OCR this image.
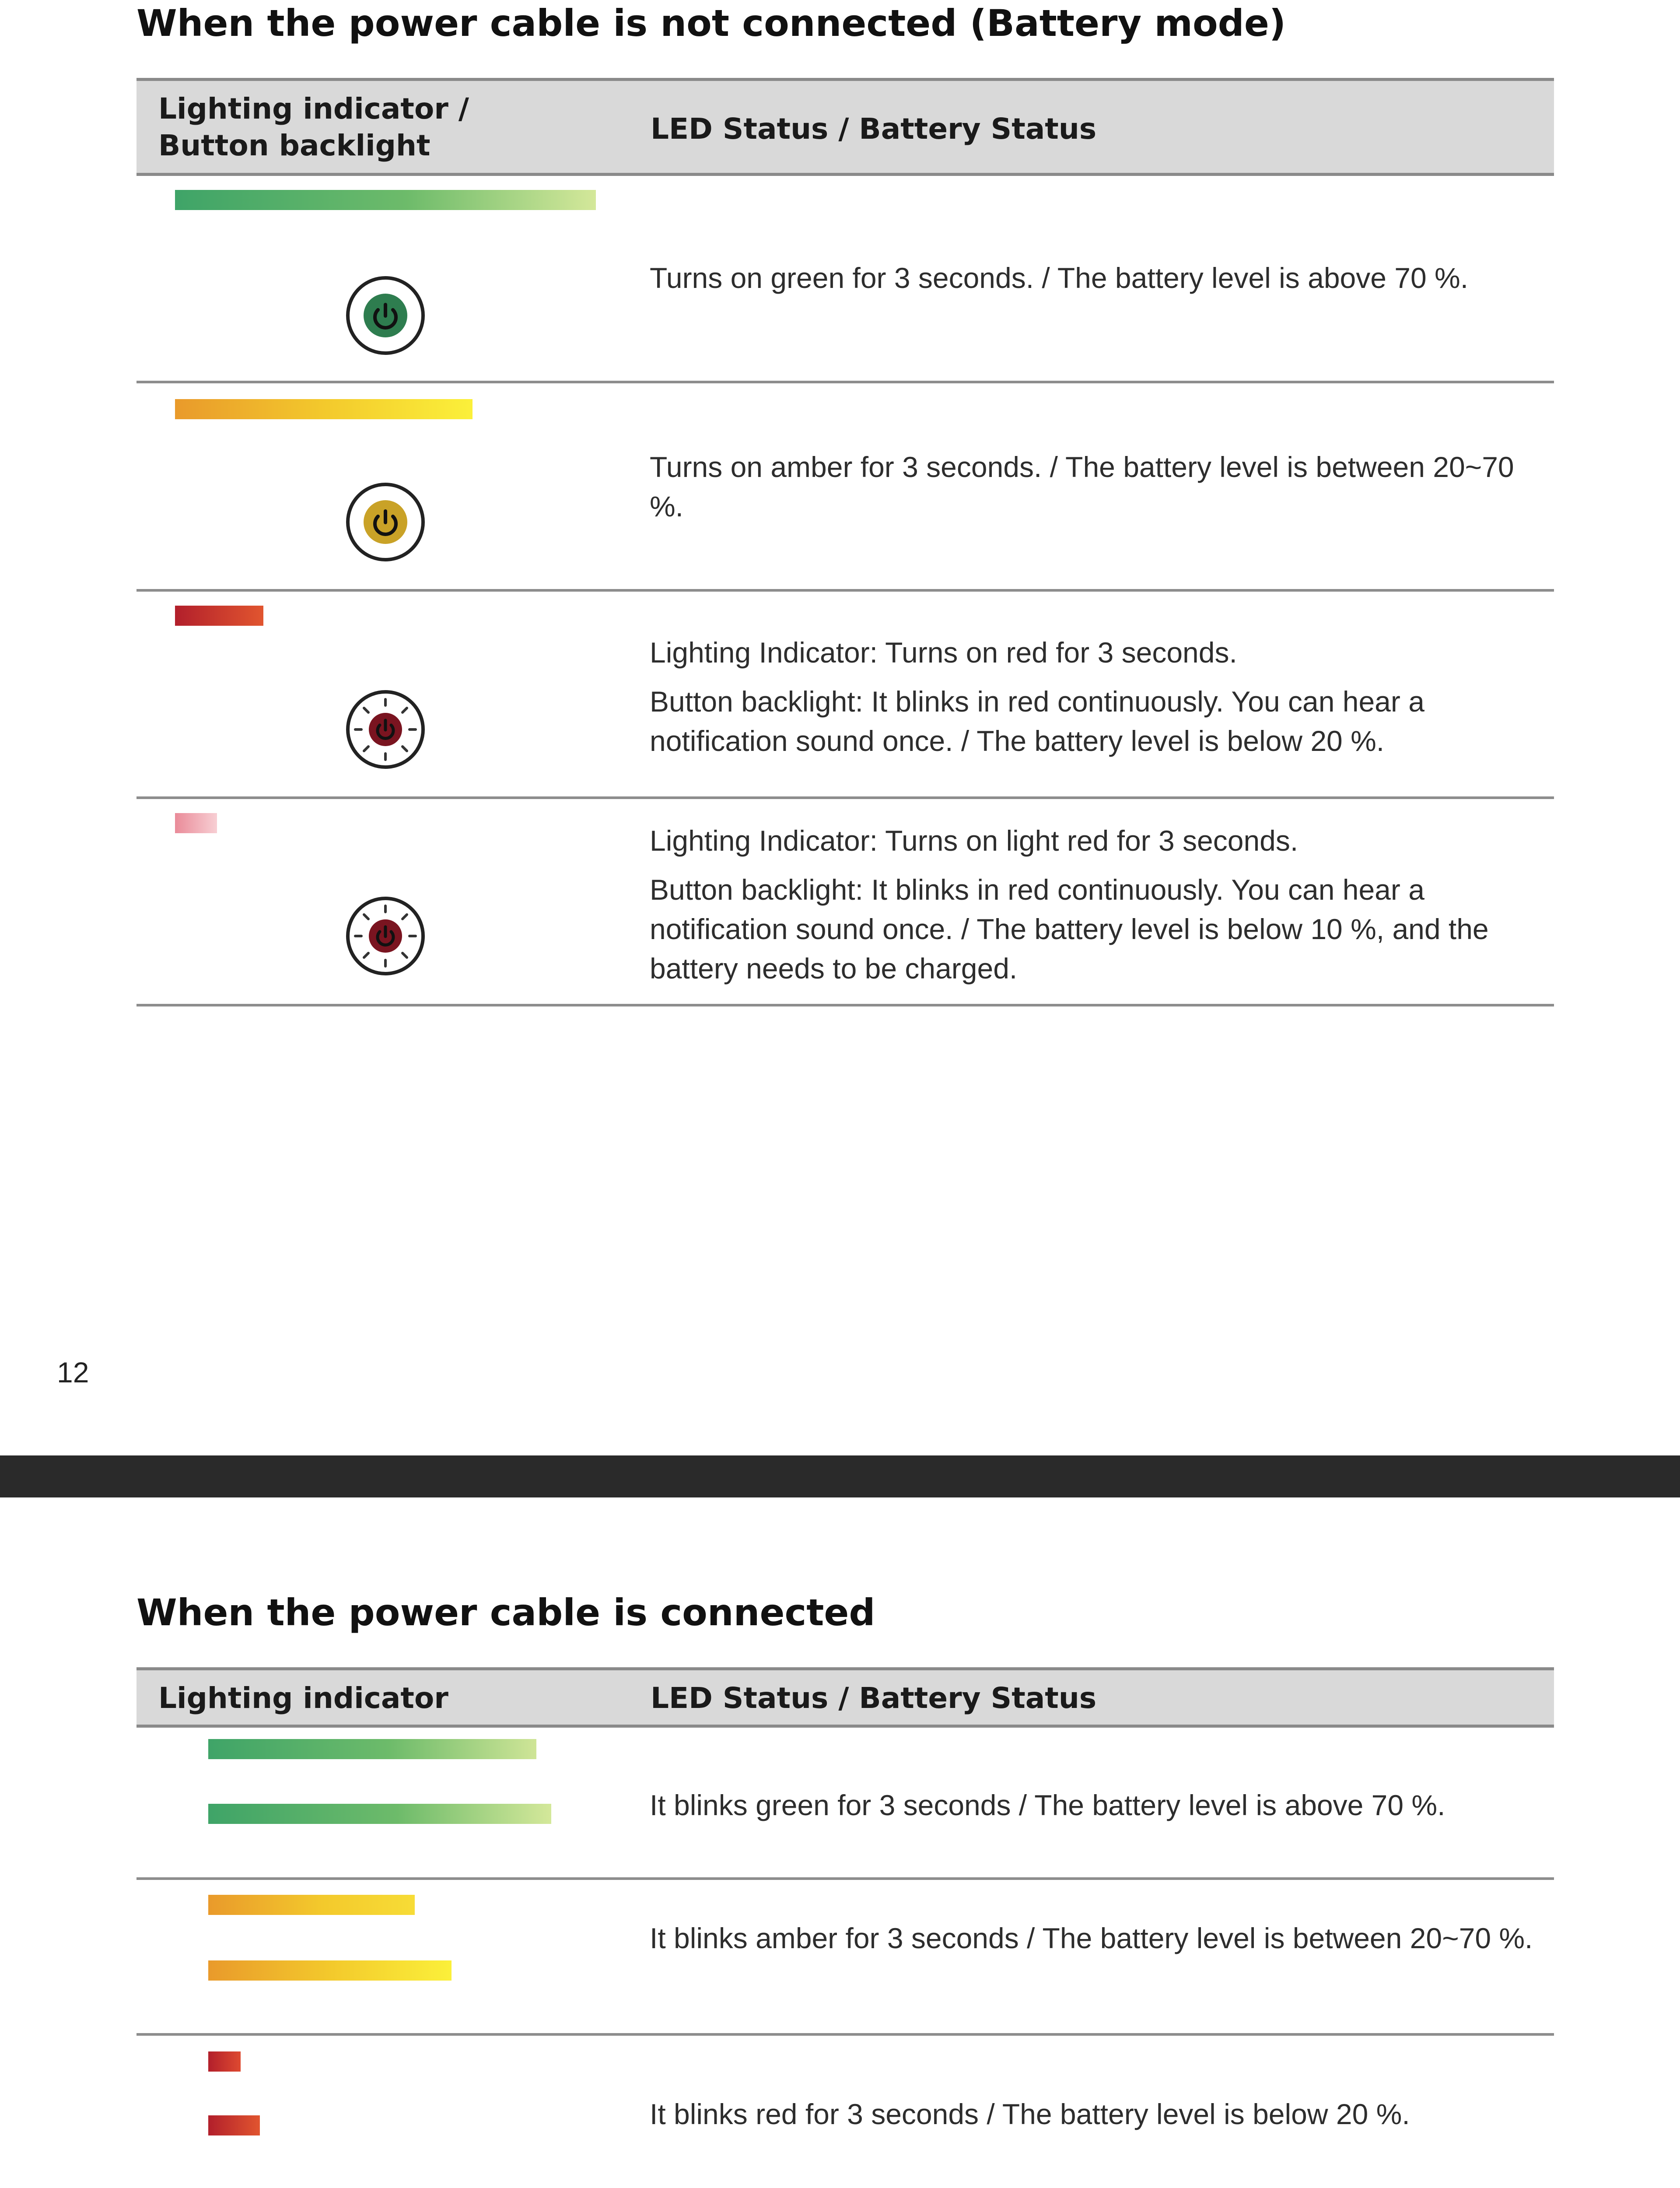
When the power cable is not connected (Battery mode)
Lighting indicator / Button backlight	LED Status / Battery Status
Turns on green for 3 seconds. / The battery level is above 70 %.
Turns on amber for 3 seconds. / The battery level is between 20~70 %.

Lighting Indicator: Turns on red for 3 seconds.

Button backlight: It blinks in red continuously. You can hear a notification sound once. / The battery level is below 20 %.

Lighting Indicator: Turns on light red for 3 seconds.

Button backlight: It blinks in red continuously. You can hear a notification sound once. / The battery level is below 10 %, and the battery needs to be charged.

12
When the power cable is connected
Lighting indicator	LED Status / Battery Status
It blinks green for 3 seconds / The battery level is above 70 %.
It blinks amber for 3 seconds / The battery level is between 20~70 %.
It blinks red for 3 seconds / The battery level is below 20 %.
